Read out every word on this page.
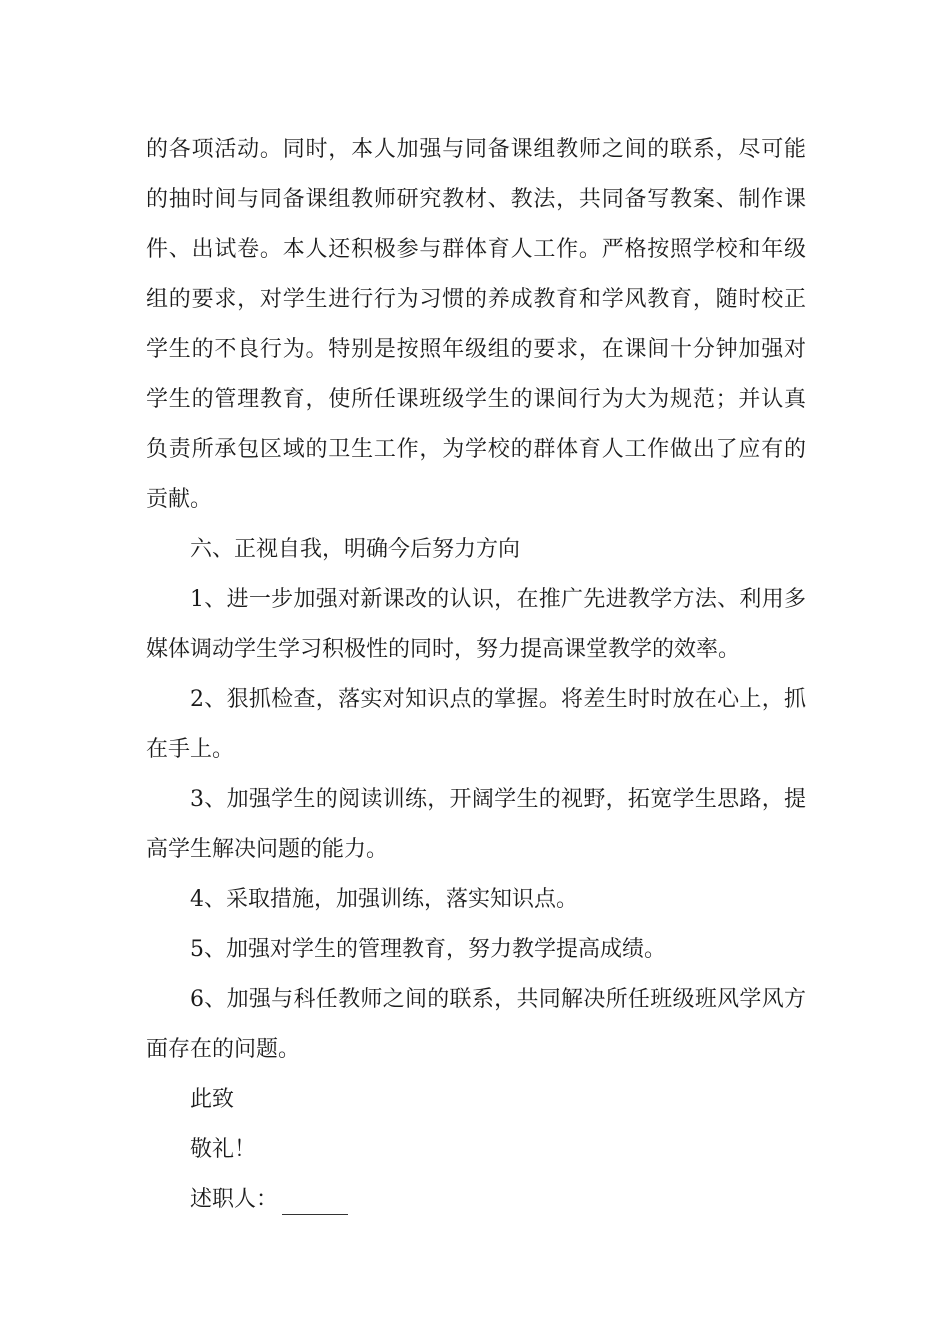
的各项活动。同时，本人加强与同备课组教师之间的联系，尽可能
的抽时间与同备课组教师研究教材、教法，共同备写教案、制作课
件、出试卷。本人还积极参与群体育人工作。严格按照学校和年级
组的要求，对学生进行行为习惯的养成教育和学风教育，随时校正
学生的不良行为。特别是按照年级组的要求，在课间十分钟加强对
学生的管理教育，使所任课班级学生的课间行为大为规范；并认真
负责所承包区域的卫生工作，为学校的群体育人工作做出了应有的
贡献。
六、正视自我，明确今后努力方向
1、进一步加强对新课改的认识，在推广先进教学方法、利用多
媒体调动学生学习积极性的同时，努力提高课堂教学的效率。
2、狠抓检查，落实对知识点的掌握。将差生时时放在心上，抓
在手上。
3、加强学生的阅读训练，开阔学生的视野，拓宽学生思路，提
高学生解决问题的能力。
4、采取措施，加强训练，落实知识点。
5、加强对学生的管理教育，努力教学提高成绩。
6、加强与科任教师之间的联系，共同解决所任班级班风学风方
面存在的问题。
此致
敬礼！
述职人：
